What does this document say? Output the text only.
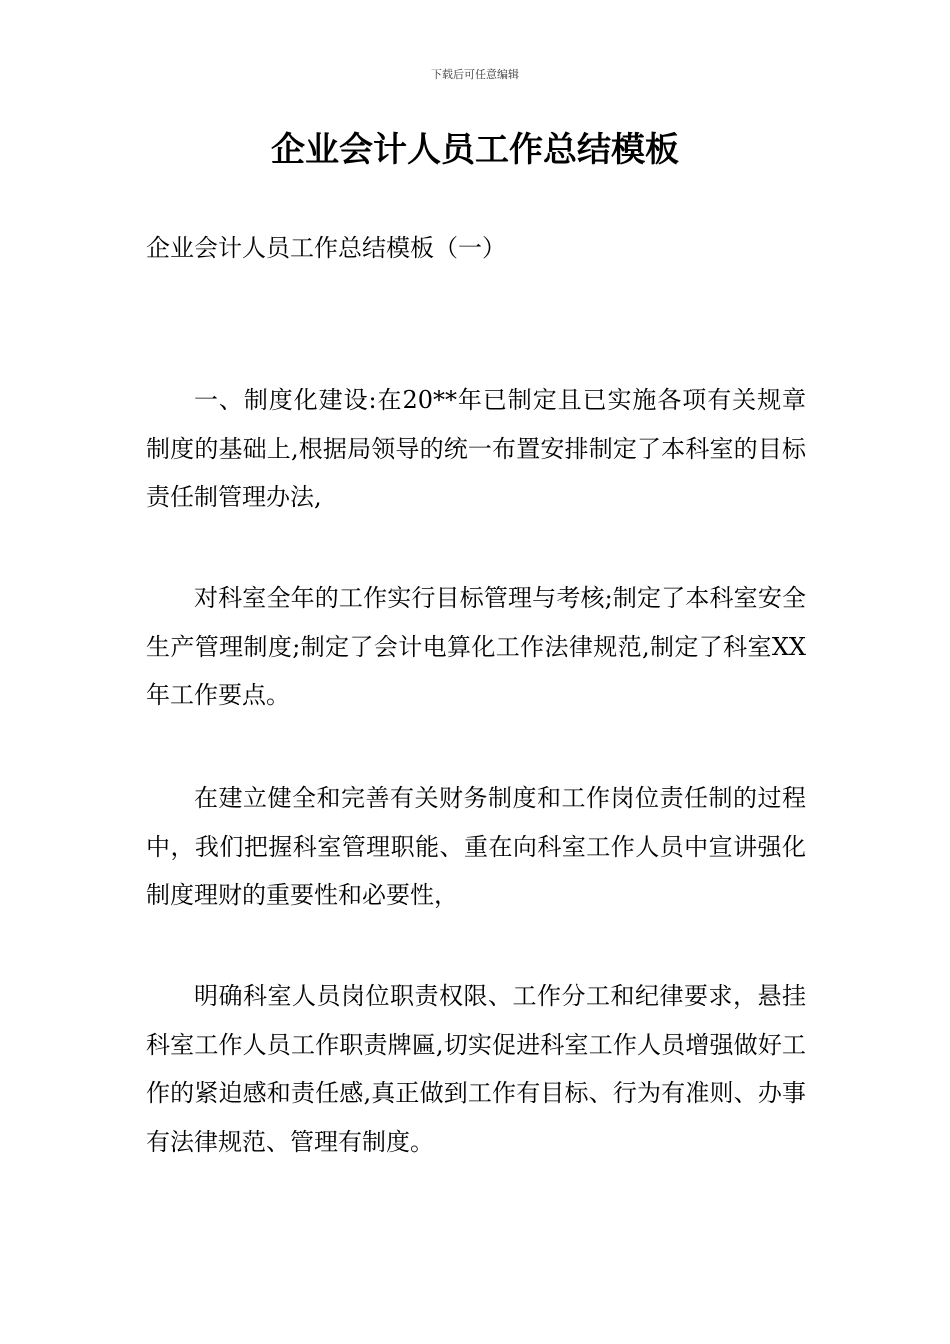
下载后可任意编辑
企业会计人员工作总结模板

企业会计人员工作总结模板（一）

一、制度化建设:在20**年已制定且已实施各项有关规章制度的基础上,根据局领导的统一布置安排制定了本科室的目标责任制管理办法,

对科室全年的工作实行目标管理与考核;制定了本科室安全生产管理制度;制定了会计电算化工作法律规范,制定了科室XX年工作要点。

在建立健全和完善有关财务制度和工作岗位责任制的过程中，我们把握科室管理职能、重在向科室工作人员中宣讲强化制度理财的重要性和必要性，

明确科室人员岗位职责权限、工作分工和纪律要求，悬挂科室工作人员工作职责牌匾,切实促进科室工作人员增强做好工作的紧迫感和责任感,真正做到工作有目标、行为有准则、办事有法律规范、管理有制度。
